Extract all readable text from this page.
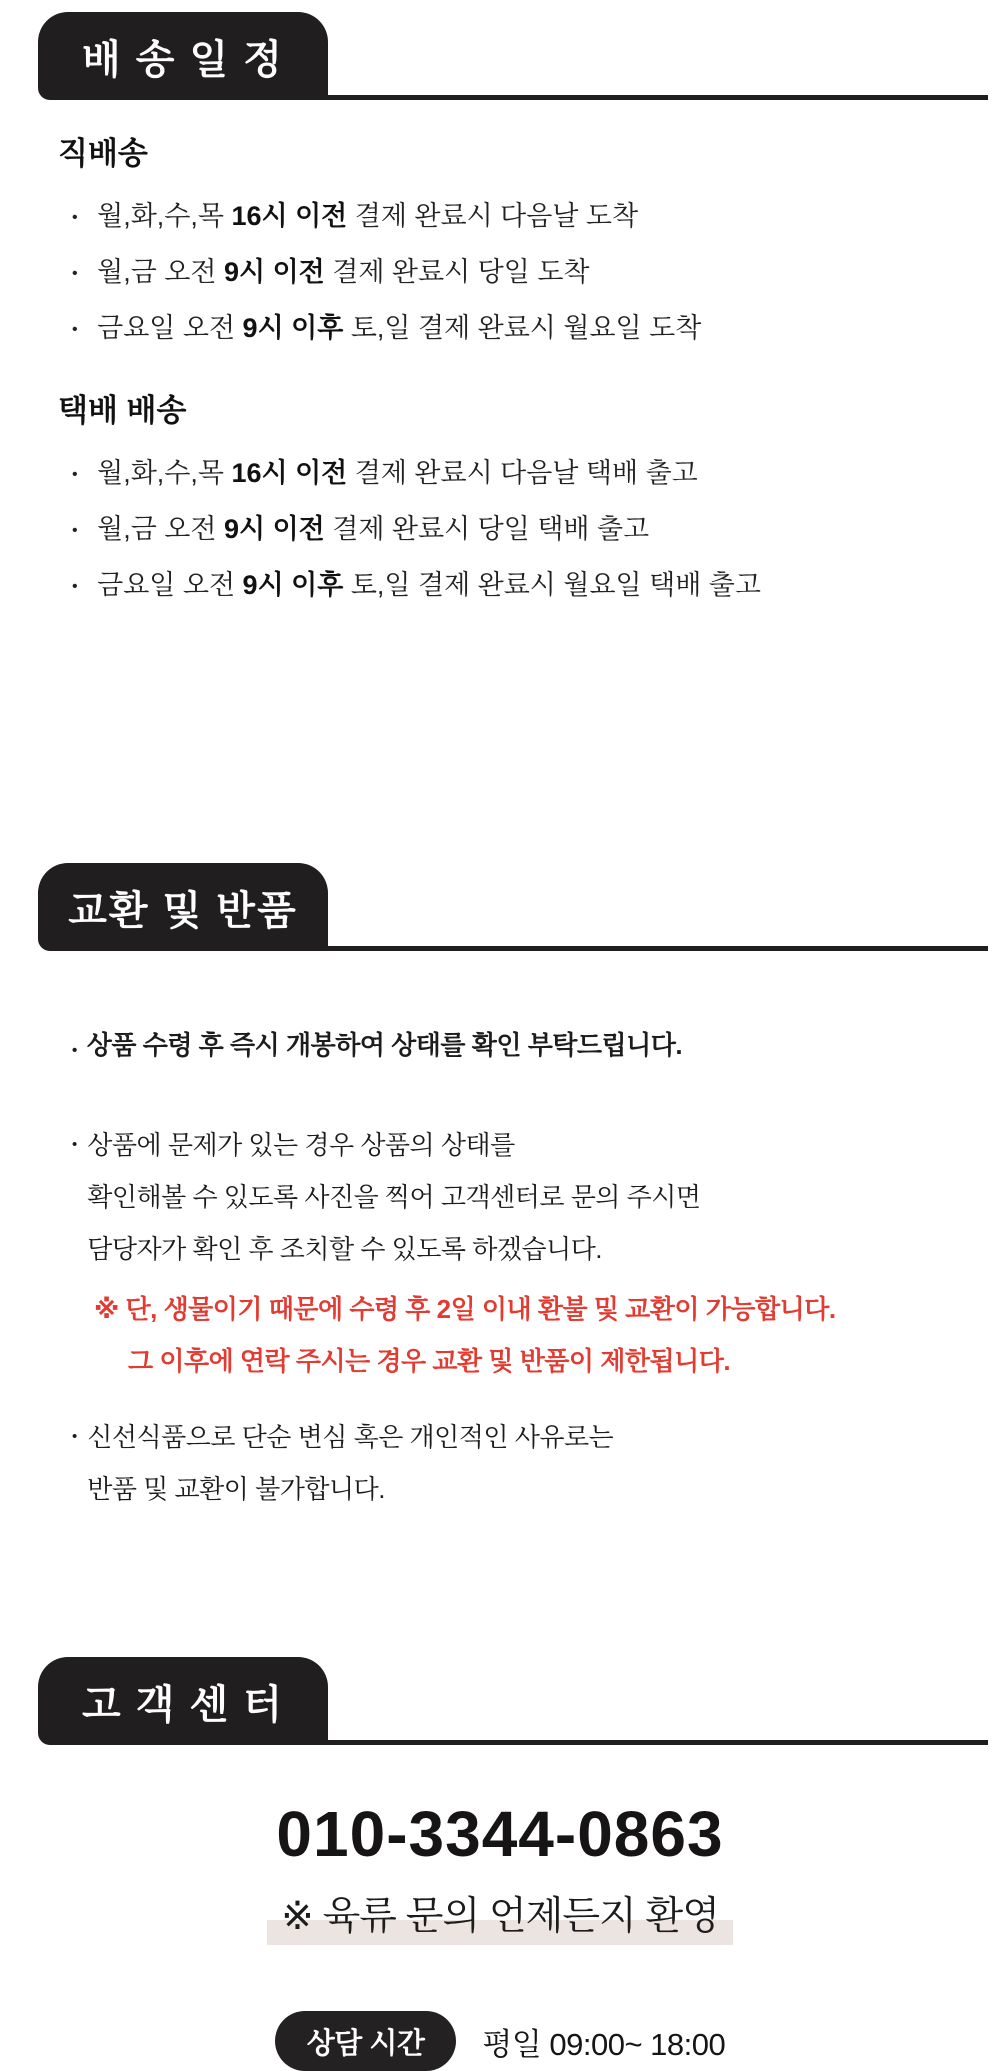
배 송 일 정
직배송
• 월,화,수,목 16시 이전 결제 완료시 다음날 도착
• 월,금 오전 9시 이전 결제 완료시 당일 도착
• 금요일 오전 9시 이후 토,일 결제 완료시 월요일 도착
택배 배송
• 월,화,수,목 16시 이전 결제 완료시 다음날 택배 출고
• 월,금 오전 9시 이전 결제 완료시 당일 택배 출고
• 금요일 오전 9시 이후 토,일 결제 완료시 월요일 택배 출고
교환 및 반품
• 상품 수령 후 즉시 개봉하여 상태를 확인 부탁드립니다.
• 상품에 문제가 있는 경우 상품의 상태를
확인해볼 수 있도록 사진을 찍어 고객센터로 문의 주시면
담당자가 확인 후 조치할 수 있도록 하겠습니다.
※ 단, 생물이기 때문에 수령 후 2일 이내 환불 및 교환이 가능합니다.
그 이후에 연락 주시는 경우 교환 및 반품이 제한됩니다.
• 신선식품으로 단순 변심 혹은 개인적인 사유로는
반품 및 교환이 불가합니다.
고 객 센 터
010-3344-0863
※ 육류 문의 언제든지 환영
상담 시간 평일 09:00~ 18:00
